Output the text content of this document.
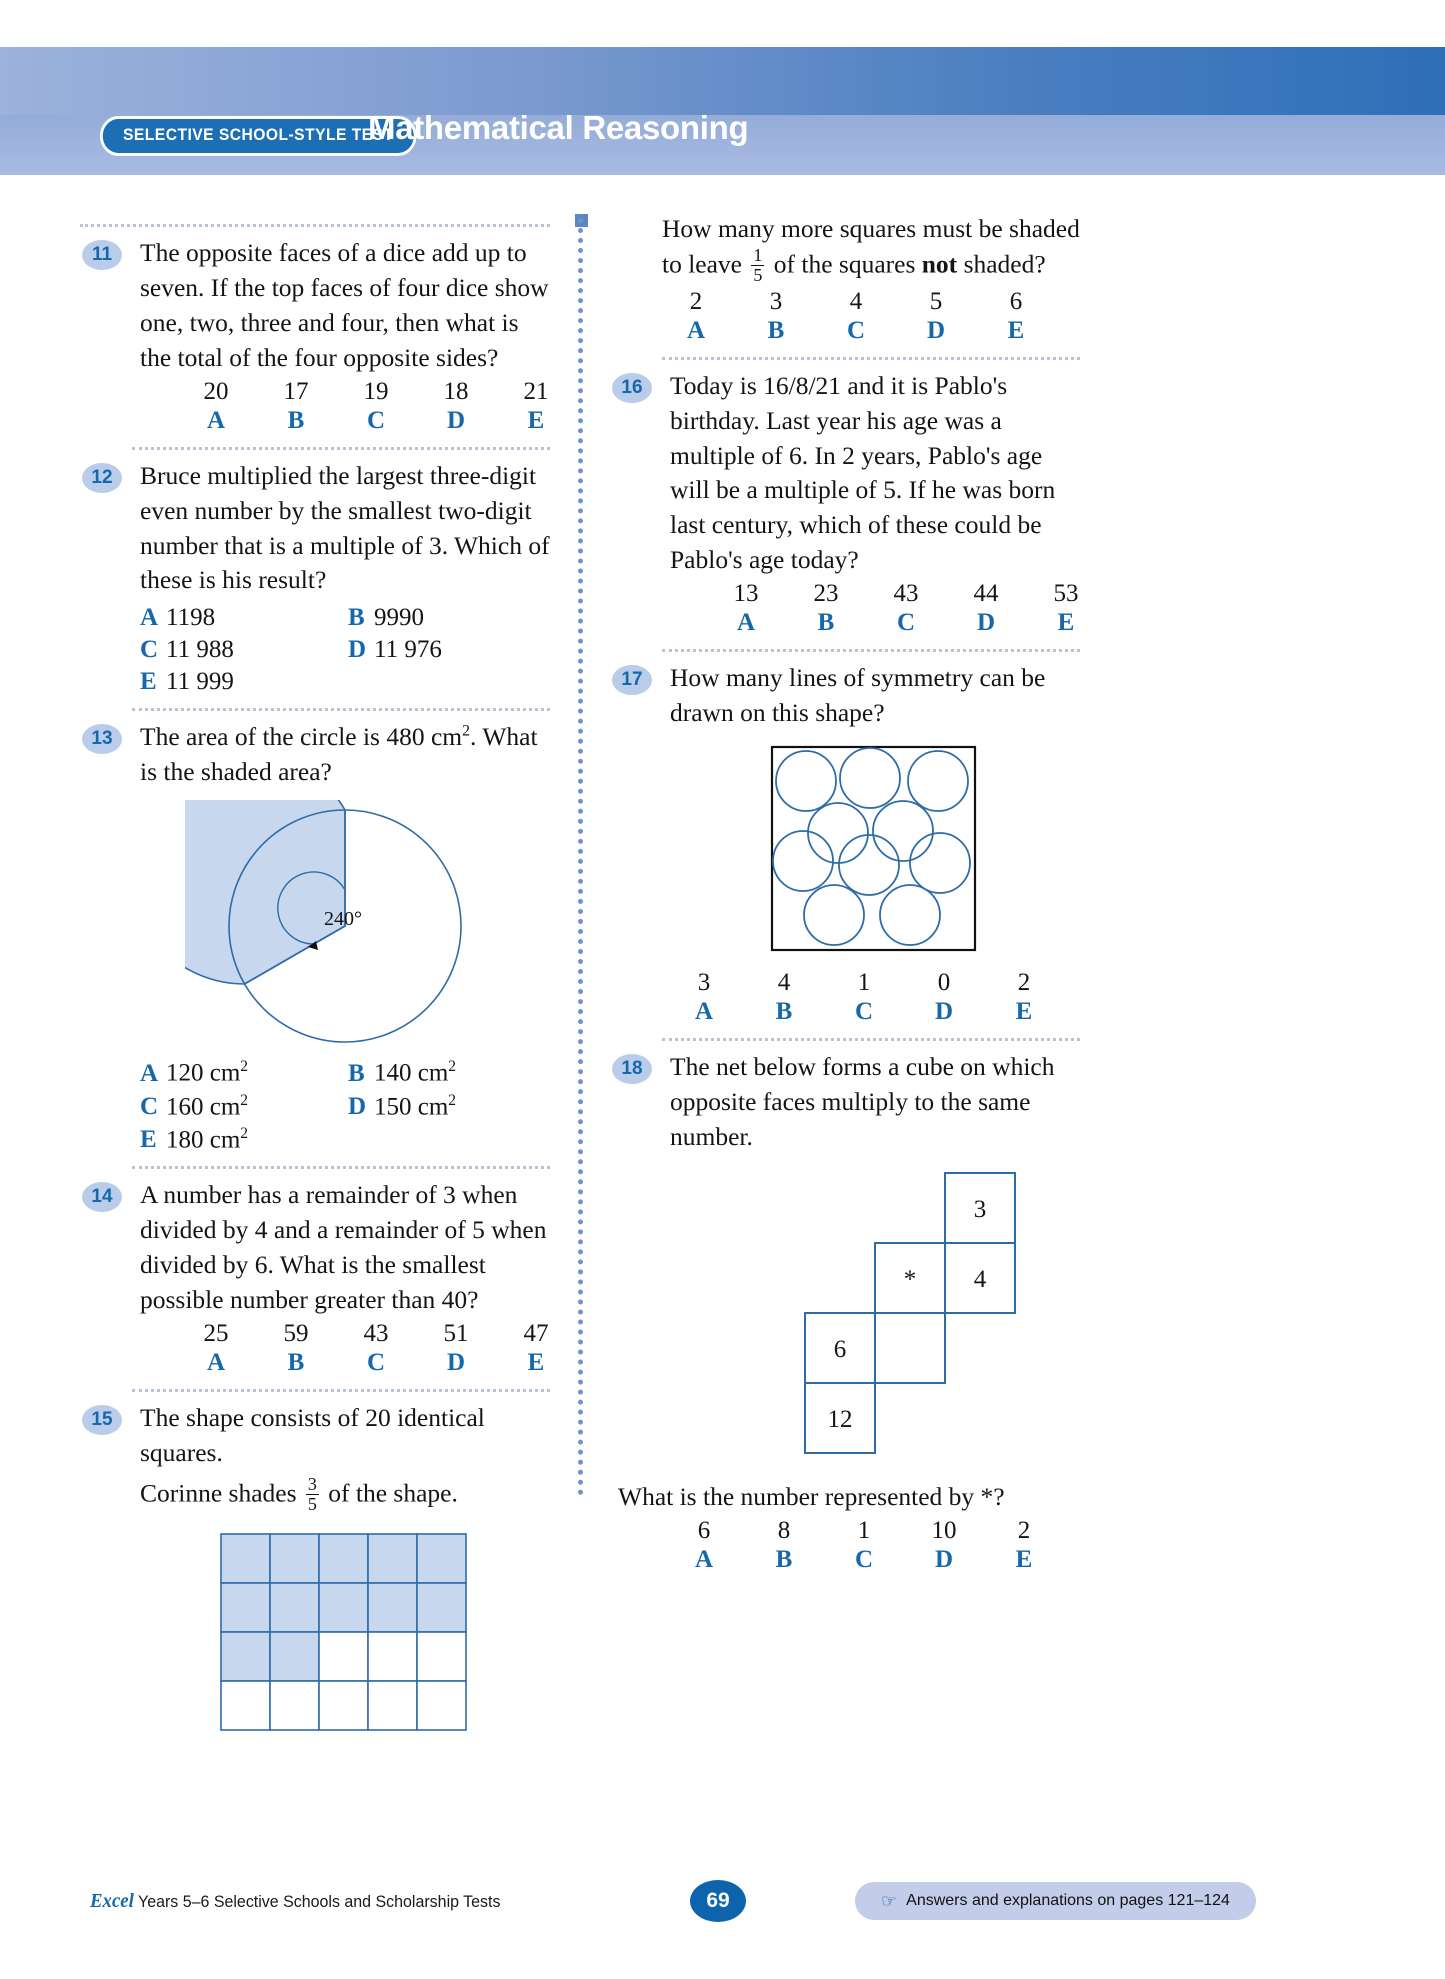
SELECTIVE SCHOOL-STYLE TEST
Mathematical Reasoning
SAMPLE TEST 1
11	The opposite faces of a dice add up to seven. If the top faces of four dice show one, two, three and four, then what is the total of the four opposite sides?
20	17	19	18	21
A	B	C	D	E
12	Bruce multiplied the largest three-digit even number by the smallest two-digit number that is a multiple of 3. Which of these is his result?
A 1198	B 9990
C 11 988	D 11 976
E 11 999
13	The area of the circle is 480 $cm^2$. What is the shaded area?
240°
A 120 $cm^2$	B 140 $cm^2$
C 160 $cm^2$	D 150 $cm^2$
E 180 $cm^2$
14	A number has a remainder of 3 when divided by 4 and a remainder of 5 when divided by 6. What is the smallest possible number greater than 40?
25	59	43	51	47
A	B	C	D	E
15	The shape consists of 20 identical squares.
Corinne shades $\frac{3}{5}$ of the shape.
How many more squares must be shaded to leave $\frac{1}{5}$ of the squares not shaded?
2	3	4	5	6
A	B	C	D	E
16	Today is 16/8/21 and it is Pablo's birthday. Last year his age was a multiple of 6. In 2 years, Pablo's age will be a multiple of 5. If he was born last century, which of these could be Pablo's age today?
13	23	43	44	53
A	B	C	D	E
17	How many lines of symmetry can be drawn on this shape?
3	4	1	0	2
A	B	C	D	E
18	The net below forms a cube on which opposite faces multiply to the same number.
3
* 4
6
12
What is the number represented by *?
6	8	1	10	2
A	B	C	D	E
Excel Years 5–6 Selective Schools and Scholarship Tests	69	☞ Answers and explanations on pages 121–124
